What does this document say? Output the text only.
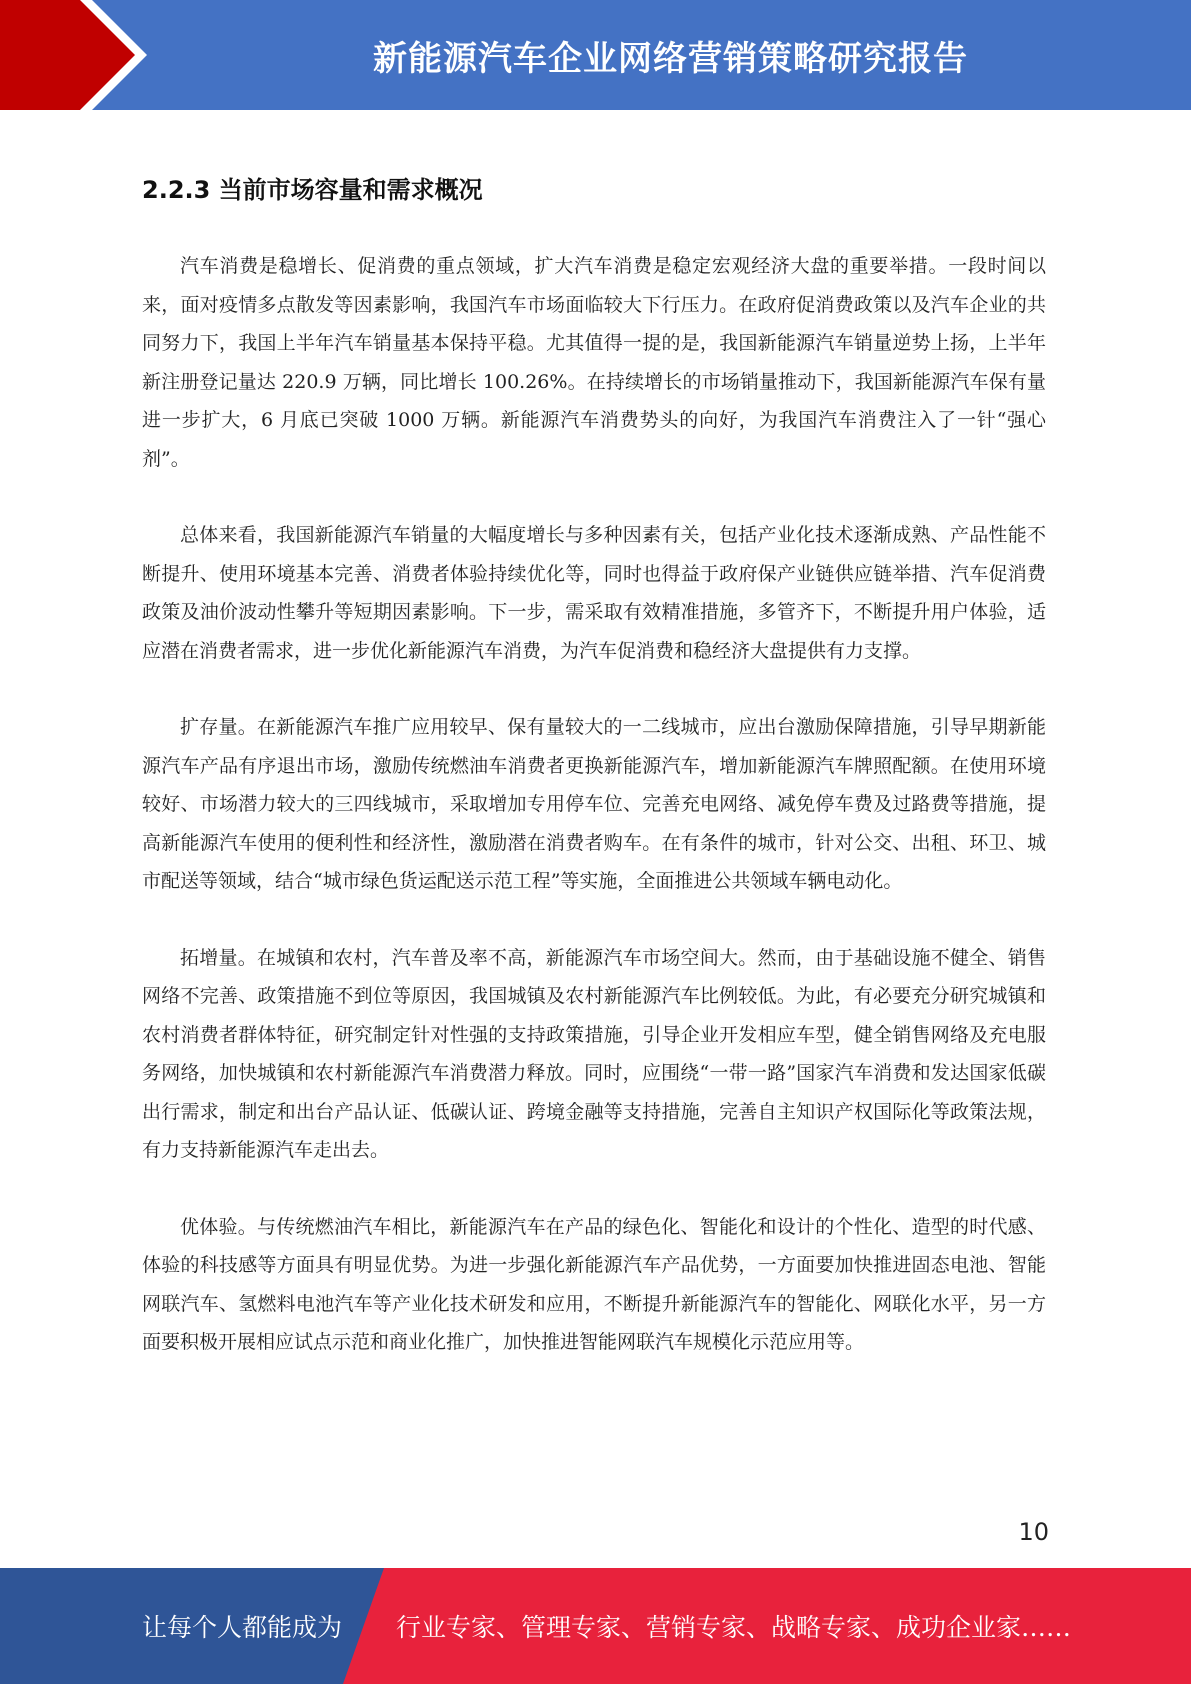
新能源汽车企业网络营销策略研究报告
2.2.3 当前市场容量和需求概况

汽车消费是稳增长、促消费的重点领域，扩大汽车消费是稳定宏观经济大盘的重要举措。一段时间以来，面对疫情多点散发等因素影响，我国汽车市场面临较大下行压力。在政府促消费政策以及汽车企业的共同努力下，我国上半年汽车销量基本保持平稳。尤其值得一提的是，我国新能源汽车销量逆势上扬，上半年新注册登记量达 220.9 万辆，同比增长 100.26%。在持续增长的市场销量推动下，我国新能源汽车保有量进一步扩大，6 月底已突破 1000 万辆。新能源汽车消费势头的向好，为我国汽车消费注入了一针“强心剂”。

总体来看，我国新能源汽车销量的大幅度增长与多种因素有关，包括产业化技术逐渐成熟、产品性能不断提升、使用环境基本完善、消费者体验持续优化等，同时也得益于政府保产业链供应链举措、汽车促消费政策及油价波动性攀升等短期因素影响。下一步，需采取有效精准措施，多管齐下，不断提升用户体验，适应潜在消费者需求，进一步优化新能源汽车消费，为汽车促消费和稳经济大盘提供有力支撑。

扩存量。在新能源汽车推广应用较早、保有量较大的一二线城市，应出台激励保障措施，引导早期新能源汽车产品有序退出市场，激励传统燃油车消费者更换新能源汽车，增加新能源汽车牌照配额。在使用环境较好、市场潜力较大的三四线城市，采取增加专用停车位、完善充电网络、减免停车费及过路费等措施，提高新能源汽车使用的便利性和经济性，激励潜在消费者购车。在有条件的城市，针对公交、出租、环卫、城市配送等领域，结合“城市绿色货运配送示范工程”等实施，全面推进公共领域车辆电动化。

拓增量。在城镇和农村，汽车普及率不高，新能源汽车市场空间大。然而，由于基础设施不健全、销售网络不完善、政策措施不到位等原因，我国城镇及农村新能源汽车比例较低。为此，有必要充分研究城镇和农村消费者群体特征，研究制定针对性强的支持政策措施，引导企业开发相应车型，健全销售网络及充电服务网络，加快城镇和农村新能源汽车消费潜力释放。同时，应围绕“一带一路”国家汽车消费和发达国家低碳出行需求，制定和出台产品认证、低碳认证、跨境金融等支持措施，完善自主知识产权国际化等政策法规，有力支持新能源汽车走出去。

优体验。与传统燃油汽车相比，新能源汽车在产品的绿色化、智能化和设计的个性化、造型的时代感、体验的科技感等方面具有明显优势。为进一步强化新能源汽车产品优势，一方面要加快推进固态电池、智能网联汽车、氢燃料电池汽车等产业化技术研发和应用，不断提升新能源汽车的智能化、网联化水平，另一方面要积极开展相应试点示范和商业化推广，加快推进智能网联汽车规模化示范应用等。

10
让每个人都能成为 行业专家、管理专家、营销专家、战略专家、成功企业家……
